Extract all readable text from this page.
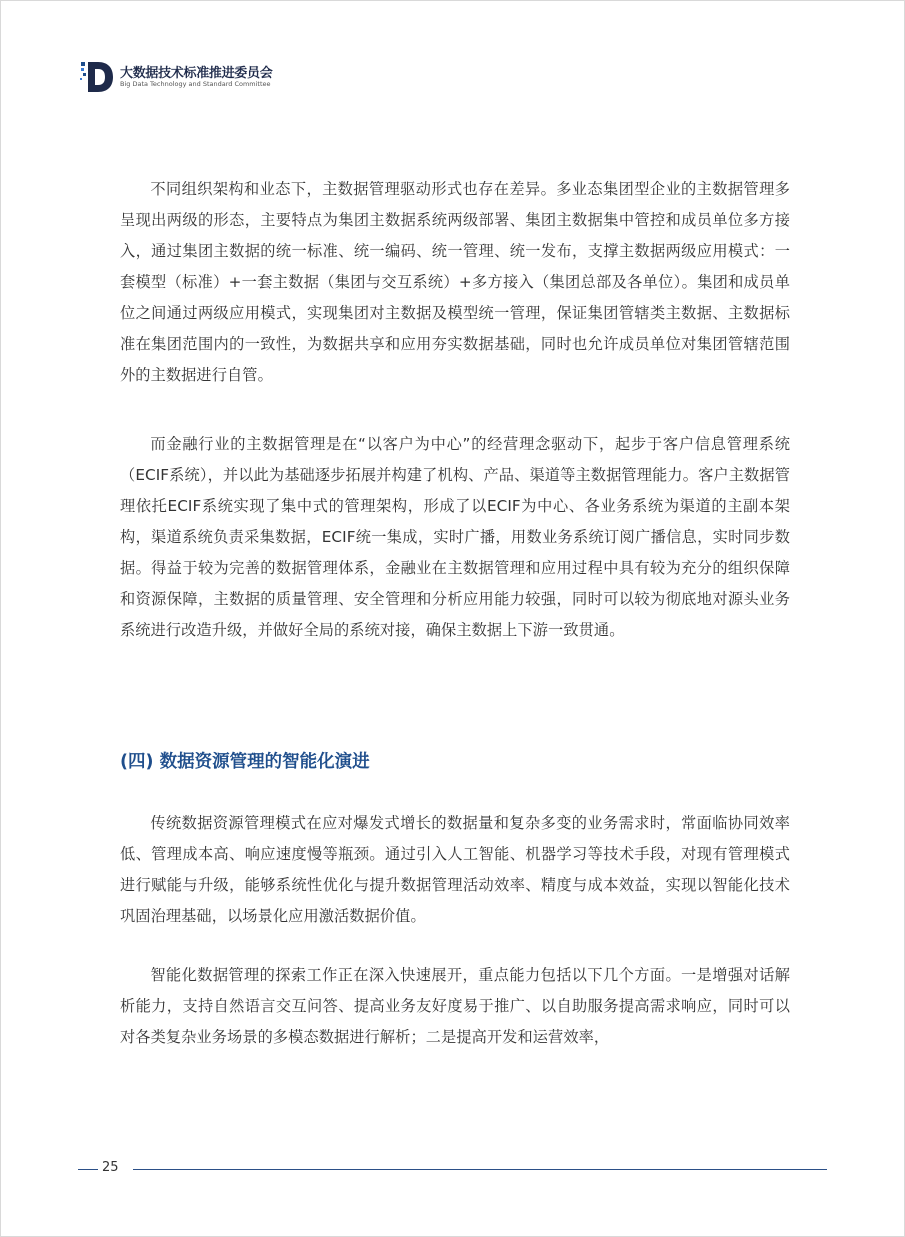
大数据技术标准推进委员会
Big Data Technology and Standard Committee

不同组织架构和业态下，主数据管理驱动形式也存在差异。多业态集团型企业的主数据管理多呈现出两级的形态，主要特点为集团主数据系统两级部署、集团主数据集中管控和成员单位多方接入，通过集团主数据的统一标准、统一编码、统一管理、统一发布，支撑主数据两级应用模式：一套模型（标准）+一套主数据（集团与交互系统）+多方接入（集团总部及各单位）。集团和成员单位之间通过两级应用模式，实现集团对主数据及模型统一管理，保证集团管辖类主数据、主数据标准在集团范围内的一致性，为数据共享和应用夯实数据基础，同时也允许成员单位对集团管辖范围外的主数据进行自管。

而金融行业的主数据管理是在“以客户为中心”的经营理念驱动下，起步于客户信息管理系统（ECIF系统），并以此为基础逐步拓展并构建了机构、产品、渠道等主数据管理能力。客户主数据管理依托ECIF系统实现了集中式的管理架构，形成了以ECIF为中心、各业务系统为渠道的主副本架构，渠道系统负责采集数据，ECIF统一集成，实时广播，用数业务系统订阅广播信息，实时同步数据。得益于较为完善的数据管理体系，金融业在主数据管理和应用过程中具有较为充分的组织保障和资源保障，主数据的质量管理、安全管理和分析应用能力较强，同时可以较为彻底地对源头业务系统进行改造升级，并做好全局的系统对接，确保主数据上下游一致贯通。

(四) 数据资源管理的智能化演进

传统数据资源管理模式在应对爆发式增长的数据量和复杂多变的业务需求时，常面临协同效率低、管理成本高、响应速度慢等瓶颈。通过引入人工智能、机器学习等技术手段，对现有管理模式进行赋能与升级，能够系统性优化与提升数据管理活动效率、精度与成本效益，实现以智能化技术巩固治理基础，以场景化应用激活数据价值。

智能化数据管理的探索工作正在深入快速展开，重点能力包括以下几个方面。一是增强对话解析能力，支持自然语言交互问答、提高业务友好度易于推广、以自助服务提高需求响应，同时可以对各类复杂业务场景的多模态数据进行解析；二是提高开发和运营效率，

25
